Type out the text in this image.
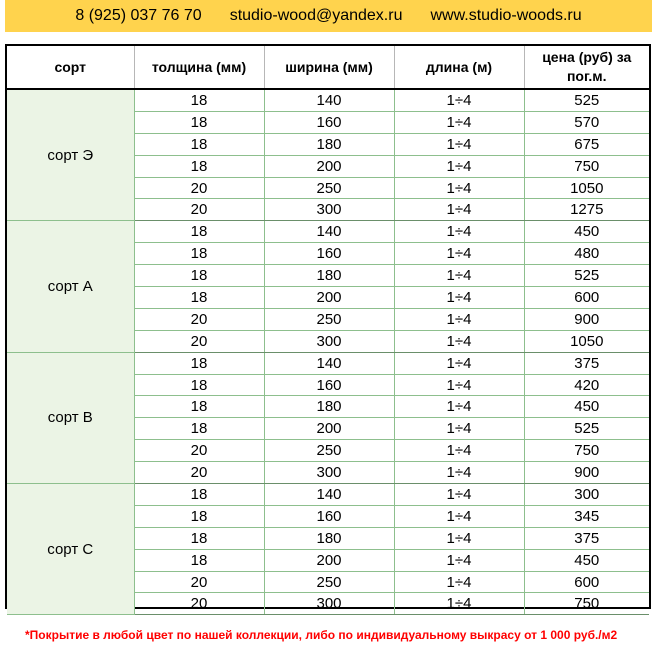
8 (925) 037 76 70 studio-wood@yandex.ru www.studio-woods.ru
сорт	толщина (мм)	ширина (мм)	длина (м)	цена (руб) за пог.м.
сорт Э	18	140	1÷4	525
	18	160	1÷4	570
	18	180	1÷4	675
	18	200	1÷4	750
	20	250	1÷4	1050
	20	300	1÷4	1275
сорт А	18	140	1÷4	450
	18	160	1÷4	480
	18	180	1÷4	525
	18	200	1÷4	600
	20	250	1÷4	900
	20	300	1÷4	1050
сорт В	18	140	1÷4	375
	18	160	1÷4	420
	18	180	1÷4	450
	18	200	1÷4	525
	20	250	1÷4	750
	20	300	1÷4	900
сорт С	18	140	1÷4	300
	18	160	1÷4	345
	18	180	1÷4	375
	18	200	1÷4	450
	20	250	1÷4	600
	20	300	1÷4	750
*Покрытие в любой цвет по нашей коллекции, либо по индивидуальному выкрасу от 1 000 руб./м2
